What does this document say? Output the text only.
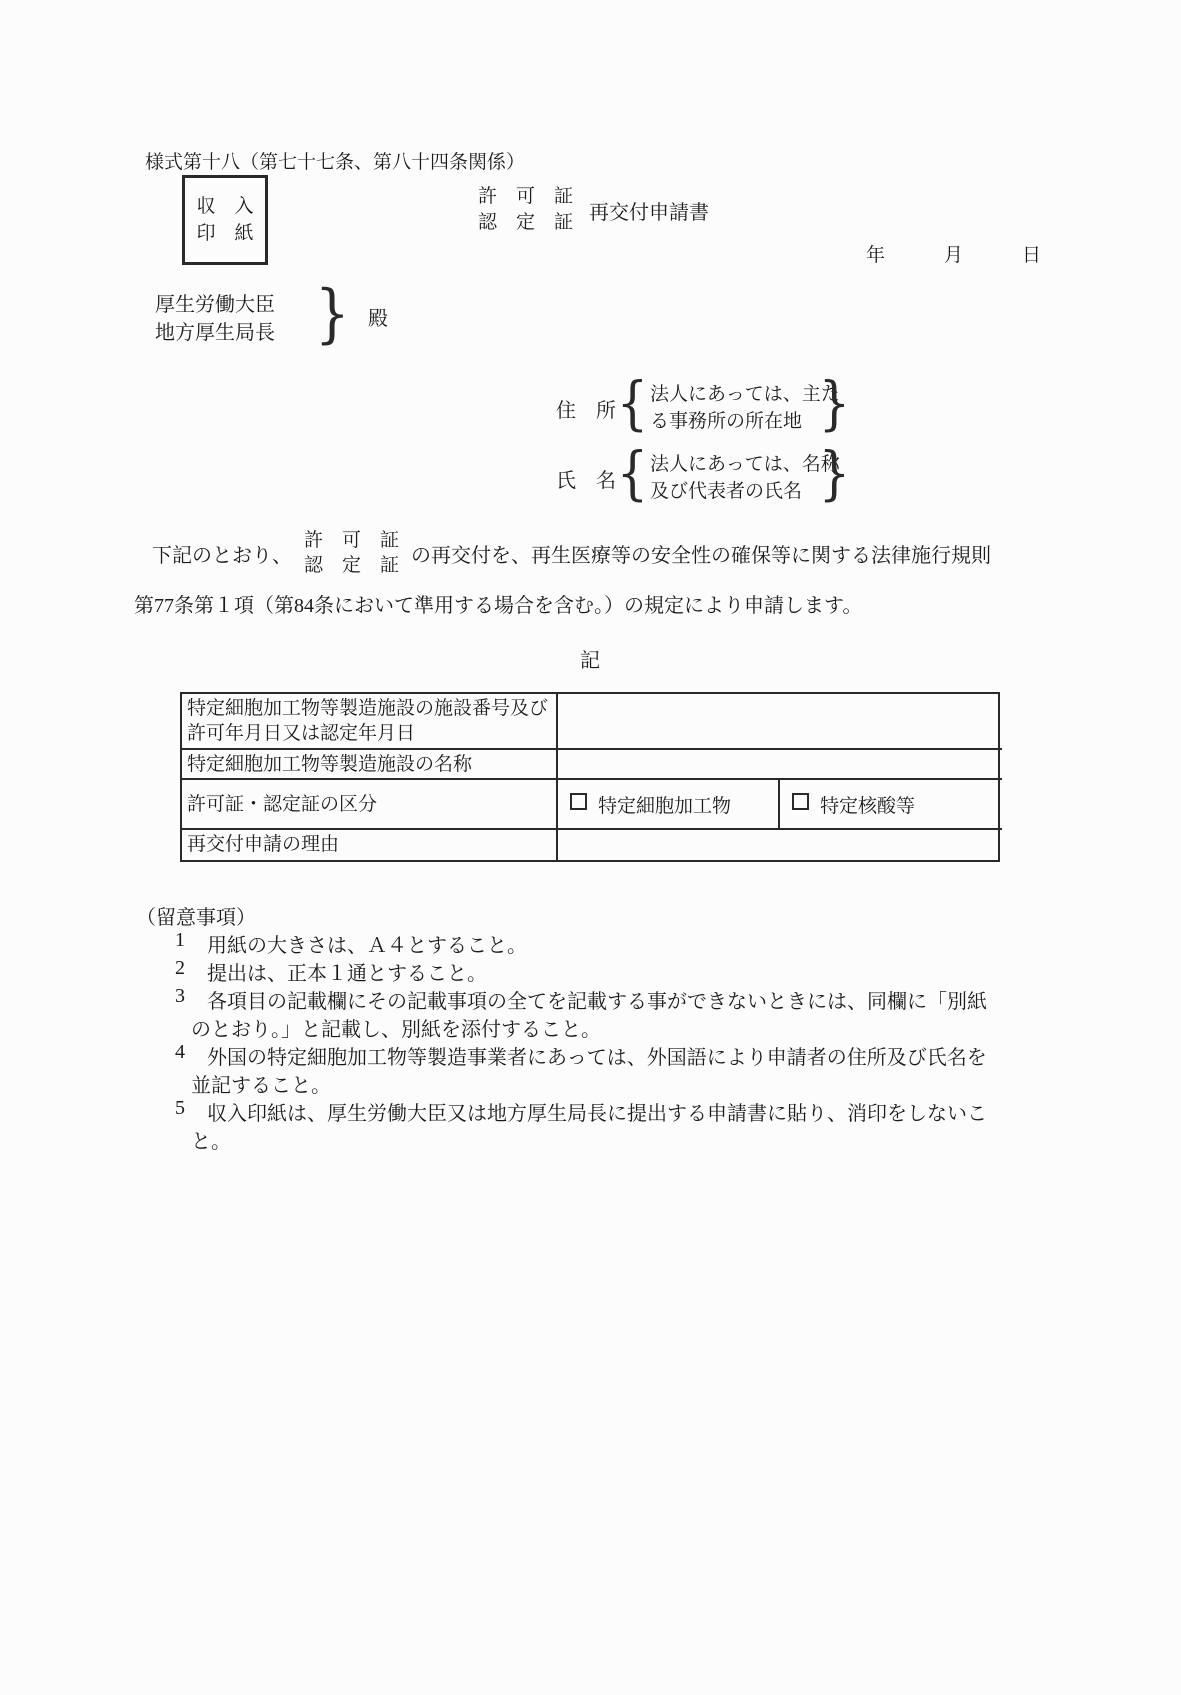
様式第十八（第七十七条、第八十四条関係）
収　入
印　紙
許　可　証
認　定　証 再交付申請書
年	月	日
厚生労働大臣
地方厚生局長 } 殿
住　所 { 法人にあっては、主た
る事務所の所在地 }
氏　名 { 法人にあっては、名称
及び代表者の氏名 }
下記のとおり、
許　可　証
認　定　証 の再交付を、再生医療等の安全性の確保等に関する法律施行規則
第77条第１項（第84条において準用する場合を含む。）の規定により申請します。
記
特定細胞加工物等製造施設の施設番号及び
許可年月日又は認定年月日
特定細胞加工物等製造施設の名称
許可証・認定証の区分	特定細胞加工物	特定核酸等
再交付申請の理由
（留意事項）
1 用紙の大きさは、Ａ４とすること。
2 提出は、正本１通とすること。
3 各項目の記載欄にその記載事項の全てを記載する事ができないときには、同欄に「別紙
のとおり。」と記載し、別紙を添付すること。
4 外国の特定細胞加工物等製造事業者にあっては、外国語により申請者の住所及び氏名を
並記すること。
5 収入印紙は、厚生労働大臣又は地方厚生局長に提出する申請書に貼り、消印をしないこ
と。
